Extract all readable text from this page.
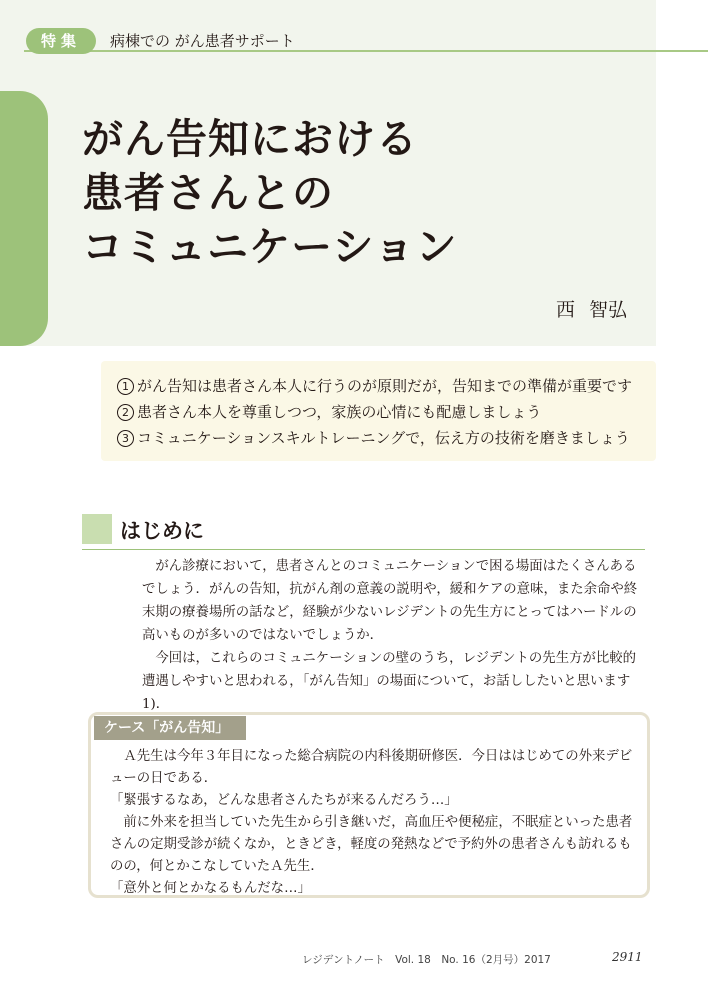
特集	病棟での がん患者サポート
がん告知における
患者さんとの
コミュニケーション
西 智弘
1 がん告知は患者さん本人に行うのが原則だが，告知までの準備が重要です
2 患者さん本人を尊重しつつ，家族の心情にも配慮しましょう
3 コミュニケーションスキルトレーニングで，伝え方の技術を磨きましょう
はじめに

がん診療において，患者さんとのコミュニケーションで困る場面はたくさんあるでしょう．がんの告知，抗がん剤の意義の説明や，緩和ケアの意味，また余命や終末期の療養場所の話など，経験が少ないレジデントの先生方にとってはハードルの高いものが多いのではないでしょうか．

今回は，これらのコミュニケーションの壁のうち，レジデントの先生方が比較的遭遇しやすいと思われる，「がん告知」の場面について，お話ししたいと思います1)．

ケース「がん告知」

Ａ先生は今年３年目になった総合病院の内科後期研修医．今日ははじめての外来デビューの日である．

「緊張するなあ，どんな患者さんたちが来るんだろう…」

前に外来を担当していた先生から引き継いだ，高血圧や便秘症，不眠症といった患者さんの定期受診が続くなか，ときどき，軽度の発熱などで予約外の患者さんも訪れるものの，何とかこなしていたＡ先生．

「意外と何とかなるもんだな…」

レジデントノート　Vol. 18　No. 16（2月号）2017	2911
